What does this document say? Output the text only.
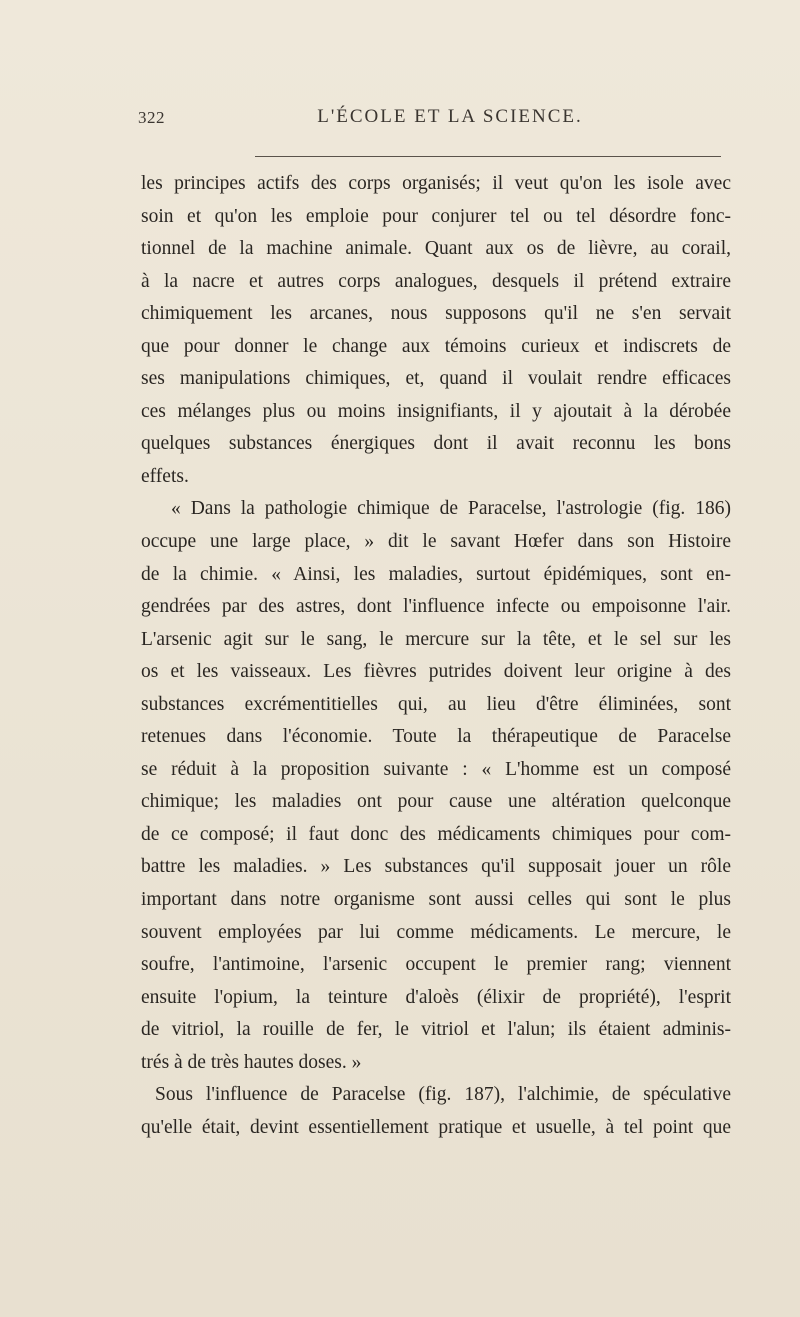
322	L'ÉCOLE ET LA SCIENCE.
les principes actifs des corps organisés; il veut qu'on les isole avec
soin et qu'on les emploie pour conjurer tel ou tel désordre fonc-
tionnel de la machine animale. Quant aux os de lièvre, au corail,
à la nacre et autres corps analogues, desquels il prétend extraire
chimiquement les arcanes, nous supposons qu'il ne s'en servait
que pour donner le change aux témoins curieux et indiscrets de
ses manipulations chimiques, et, quand il voulait rendre efficaces
ces mélanges plus ou moins insignifiants, il y ajoutait à la dérobée
quelques substances énergiques dont il avait reconnu les bons
effets.
« Dans la pathologie chimique de Paracelse, l'astrologie (fig. 186)
occupe une large place, » dit le savant Hœfer dans son Histoire
de la chimie. « Ainsi, les maladies, surtout épidémiques, sont en-
gendrées par des astres, dont l'influence infecte ou empoisonne l'air.
L'arsenic agit sur le sang, le mercure sur la tête, et le sel sur les
os et les vaisseaux. Les fièvres putrides doivent leur origine à des
substances excrémentitielles qui, au lieu d'être éliminées, sont
retenues dans l'économie. Toute la thérapeutique de Paracelse
se réduit à la proposition suivante : « L'homme est un composé
chimique; les maladies ont pour cause une altération quelconque
de ce composé; il faut donc des médicaments chimiques pour com-
battre les maladies. » Les substances qu'il supposait jouer un rôle
important dans notre organisme sont aussi celles qui sont le plus
souvent employées par lui comme médicaments. Le mercure, le
soufre, l'antimoine, l'arsenic occupent le premier rang; viennent
ensuite l'opium, la teinture d'aloès (élixir de propriété), l'esprit
de vitriol, la rouille de fer, le vitriol et l'alun; ils étaient adminis-
trés à de très hautes doses. »
Sous l'influence de Paracelse (fig. 187), l'alchimie, de spéculative
qu'elle était, devint essentiellement pratique et usuelle, à tel point que
